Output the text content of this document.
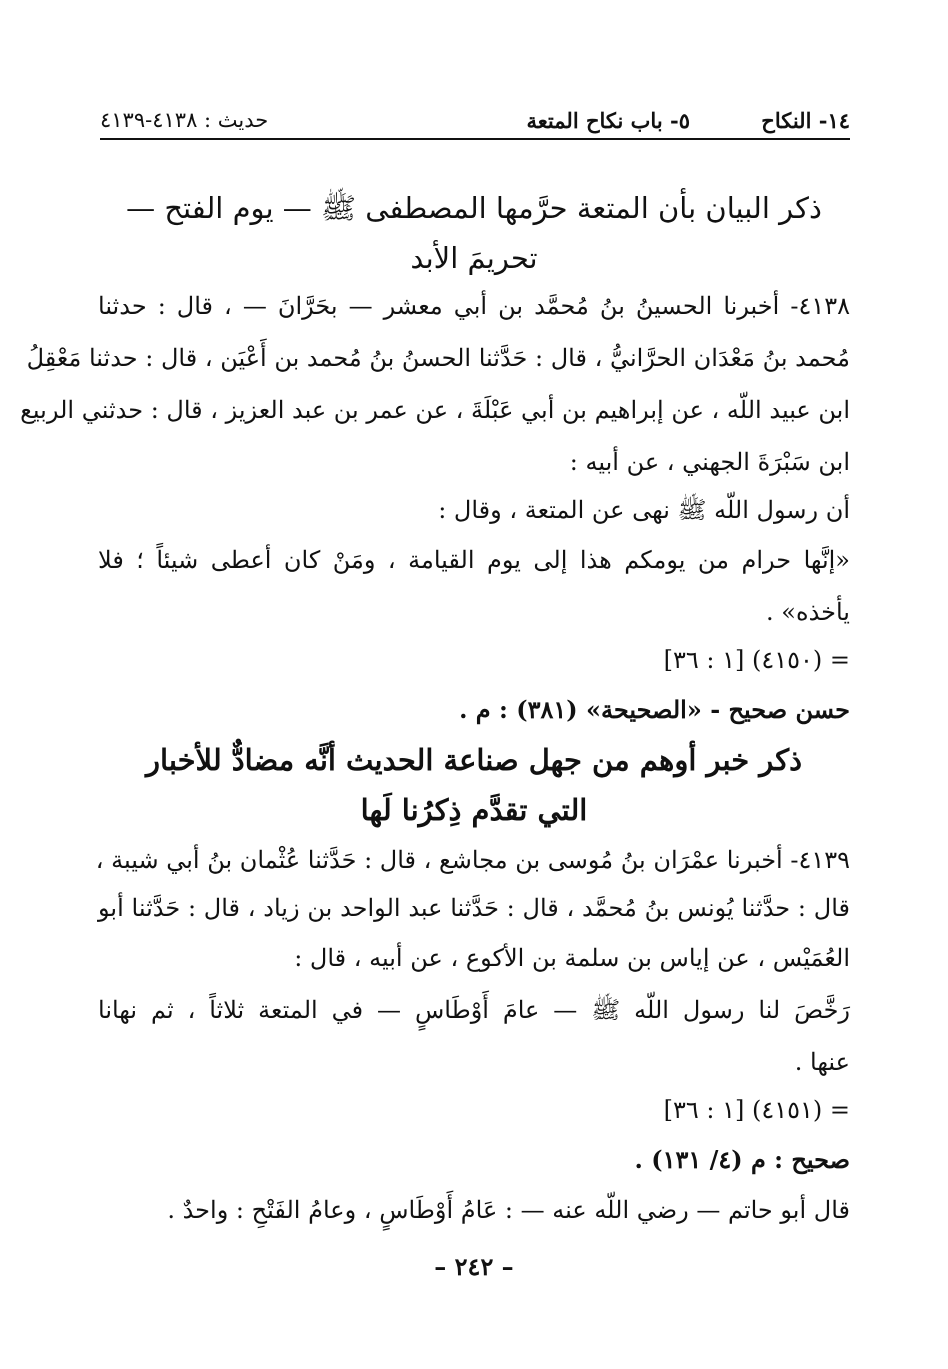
١٤- النكاح
٥- باب نكاح المتعة
حديث : ٤١٣٨-٤١٣٩
ذكر البيان بأن المتعة حرَّمها المصطفى ﷺ — يوم الفتح —
تحريمَ الأبد
٤١٣٨- أخبرنا الحسينُ بنُ مُحمَّد بن أبي معشر — بحَرَّانَ — ، قال : حدثنا
مُحمد بنُ مَعْدَان الحرَّانيُّ ، قال : حَدَّثنا الحسنُ بنُ مُحمد بن أَعْيَن ، قال : حدثنا مَعْقِلُ
ابن عبيد اللّه ، عن إبراهيم بن أبي عَبْلَةَ ، عن عمر بن عبد العزيز ، قال : حدثني الربيع
ابن سَبْرَةَ الجهني ، عن أبيه :
أن رسول اللّه ﷺ نهى عن المتعة ، وقال :
«إنَّها حرام من يومكم هذا إلى يوم القيامة ، ومَنْ كان أعطى شيئاً ؛ فلا
يأخذه» .
= (٤١٥٠) [١ : ٣٦]
حسن صحيح - «الصحيحة» (٣٨١) : م .
ذكر خبر أوهم من جهل صناعة الحديث أنَّه مضادٌّ للأخبار
التي تقدَّم ذِكرُنا لَها
٤١٣٩- أخبرنا عمْرَان بنُ مُوسى بن مجاشع ، قال : حَدَّثنا عُثْمان بنُ أبي شيبة ،
قال : حدَّثنا يُونس بنُ مُحمَّد ، قال : حَدَّثنا عبد الواحد بن زياد ، قال : حَدَّثنا أبو
العُمَيْس ، عن إياس بن سلمة بن الأكوع ، عن أبيه ، قال :
رَخَّصَ لنا رسول اللّه ﷺ — عامَ أَوْطَاسٍ — في المتعة ثلاثاً ، ثم نهانا
عنها .
= (٤١٥١) [١ : ٣٦]
صحيح : م (٤/ ١٣١) .
قال أبو حاتم — رضي اللّه عنه — : عَامُ أَوْطَاسٍ ، وعامُ الفَتْحِ : واحدٌ .
– ٢٤٢ –
